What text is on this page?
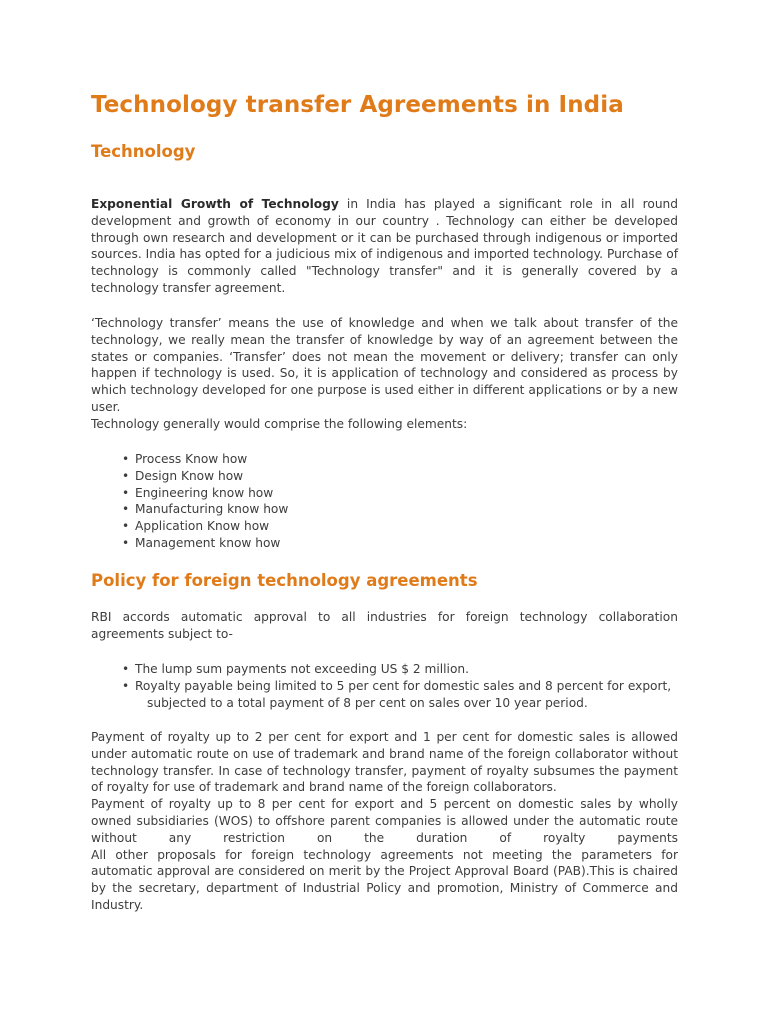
Technology transfer Agreements in India
Technology

Exponential Growth of Technology in India has played a significant role in all round development and growth of economy in our country . Technology can either be developed through own research and development or it can be purchased through indigenous or imported sources. India has opted for a judicious mix of indigenous and imported technology. Purchase of technology is commonly called "Technology transfer" and it is generally covered by a technology transfer agreement.

‘Technology transfer’ means the use of knowledge and when we talk about transfer of the technology, we really mean the transfer of knowledge by way of an agreement between the states or companies. ‘Transfer’ does not mean the movement or delivery; transfer can only happen if technology is used. So, it is application of technology and considered as process by which technology developed for one purpose is used either in different applications or by a new user.
Technology generally would comprise the following elements:

• Process Know how
• Design Know how
• Engineering know how
• Manufacturing know how
• Application Know how
• Management know how
Policy for foreign technology agreements

RBI accords automatic approval to all industries for foreign technology collaboration agreements subject to-

• The lump sum payments not exceeding US $ 2 million.
• Royalty payable being limited to 5 per cent for domestic sales and 8 percent for export,
subjected to a total payment of 8 per cent on sales over 10 year period.

Payment of royalty up to 2 per cent for export and 1 per cent for domestic sales is allowed under automatic route on use of trademark and brand name of the foreign collaborator without technology transfer. In case of technology transfer, payment of royalty subsumes the payment of royalty for use of trademark and brand name of the foreign collaborators.

Payment of royalty up to 8 per cent for export and 5 percent on domestic sales by wholly owned subsidiaries (WOS) to offshore parent companies is allowed under the automatic route without any restriction on the duration of royalty payments
All other proposals for foreign technology agreements not meeting the parameters for automatic approval are considered on merit by the Project Approval Board (PAB).This is chaired by the secretary, department of Industrial Policy and promotion, Ministry of Commerce and Industry.
